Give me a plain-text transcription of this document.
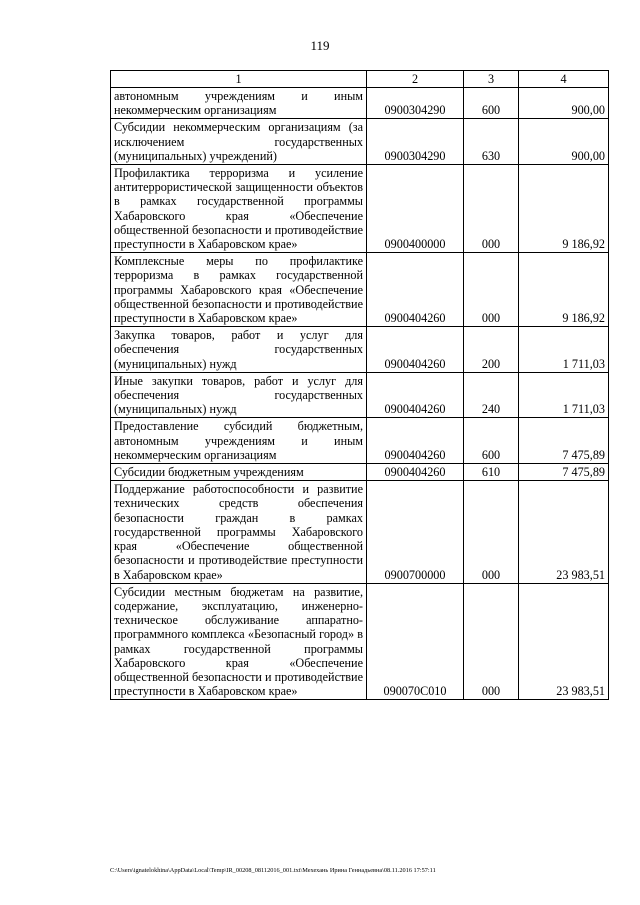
119
1	2	3	4
автономным учреждениям и иным некоммерческим организациям	0900304290	600	900,00
Субсидии некоммерческим организациям (за исключением государственных (муниципальных) учреждений)	0900304290	630	900,00
Профилактика терроризма и усиление антитеррористической защищенности объектов в рамках государственной программы Хабаровского края «Обеспечение общественной безопасности и противодействие преступности в Хабаровском крае»	0900400000	000	9 186,92
Комплексные меры по профилактике терроризма в рамках государственной программы Хабаровского края «Обеспечение общественной безопасности и противодействие преступности в Хабаровском крае»	0900404260	000	9 186,92
Закупка товаров, работ и услуг для обеспечения государственных (муниципальных) нужд	0900404260	200	1 711,03
Иные закупки товаров, работ и услуг для обеспечения государственных (муниципальных) нужд	0900404260	240	1 711,03
Предоставление субсидий бюджетным, автономным учреждениям и иным некоммерческим организациям	0900404260	600	7 475,89
Субсидии бюджетным учреждениям	0900404260	610	7 475,89
Поддержание работоспособности и развитие технических средств обеспечения безопасности граждан в рамках государственной программы Хабаровского края «Обеспечение общественной безопасности и противодействие преступности в Хабаровском крае»	0900700000	000	23 983,51
Субсидии местным бюджетам на развитие, содержание, эксплуатацию, инженерно-техническое обслуживание аппаратно-программного комплекса «Безопасный город» в рамках государственной программы Хабаровского края «Обеспечение общественной безопасности и противодействие преступности в Хабаровском крае»	090070С010	000	23 983,51
C:\Users\ignatelokhina\AppData\Local\Temp\IR_00208_08112016_001.txt\Мехехань Ирина Геннадьевна\08.11.2016 17:57:11
